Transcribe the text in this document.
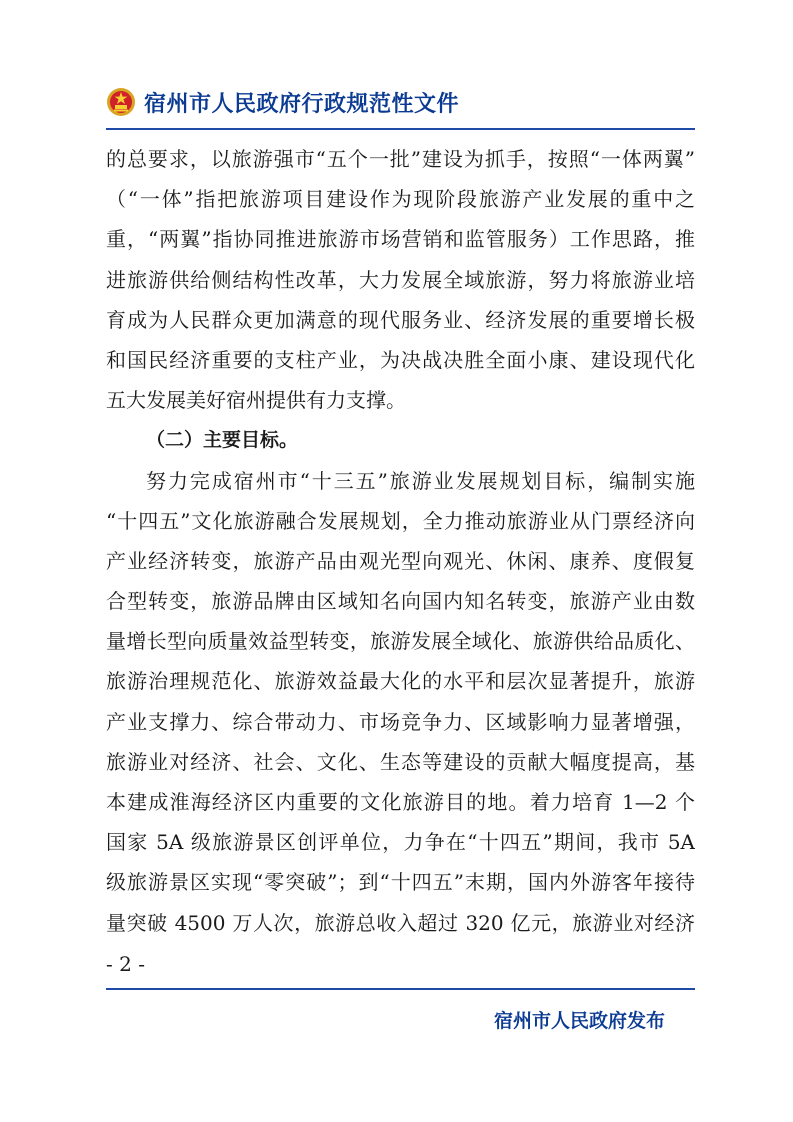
宿州市人民政府行政规范性文件
的总要求，以旅游强市“五个一批”建设为抓手，按照“一体两翼”
（“一体”指把旅游项目建设作为现阶段旅游产业发展的重中之
重，“两翼”指协同推进旅游市场营销和监管服务）工作思路，推
进旅游供给侧结构性改革，大力发展全域旅游，努力将旅游业培
育成为人民群众更加满意的现代服务业、经济发展的重要增长极
和国民经济重要的支柱产业，为决战决胜全面小康、建设现代化
五大发展美好宿州提供有力支撑。
（二）主要目标。
努力完成宿州市“十三五”旅游业发展规划目标，编制实施
“十四五”文化旅游融合发展规划，全力推动旅游业从门票经济向
产业经济转变，旅游产品由观光型向观光、休闲、康养、度假复
合型转变，旅游品牌由区域知名向国内知名转变，旅游产业由数
量增长型向质量效益型转变，旅游发展全域化、旅游供给品质化、
旅游治理规范化、旅游效益最大化的水平和层次显著提升，旅游
产业支撑力、综合带动力、市场竞争力、区域影响力显著增强，
旅游业对经济、社会、文化、生态等建设的贡献大幅度提高，基
本建成淮海经济区内重要的文化旅游目的地。着力培育 1—2 个
国家 5A 级旅游景区创评单位，力争在“十四五”期间，我市 5A
级旅游景区实现“零突破”；到“十四五”末期，国内外游客年接待
量突破 4500 万人次，旅游总收入超过 320 亿元，旅游业对经济
- 2 -
宿州市人民政府发布
